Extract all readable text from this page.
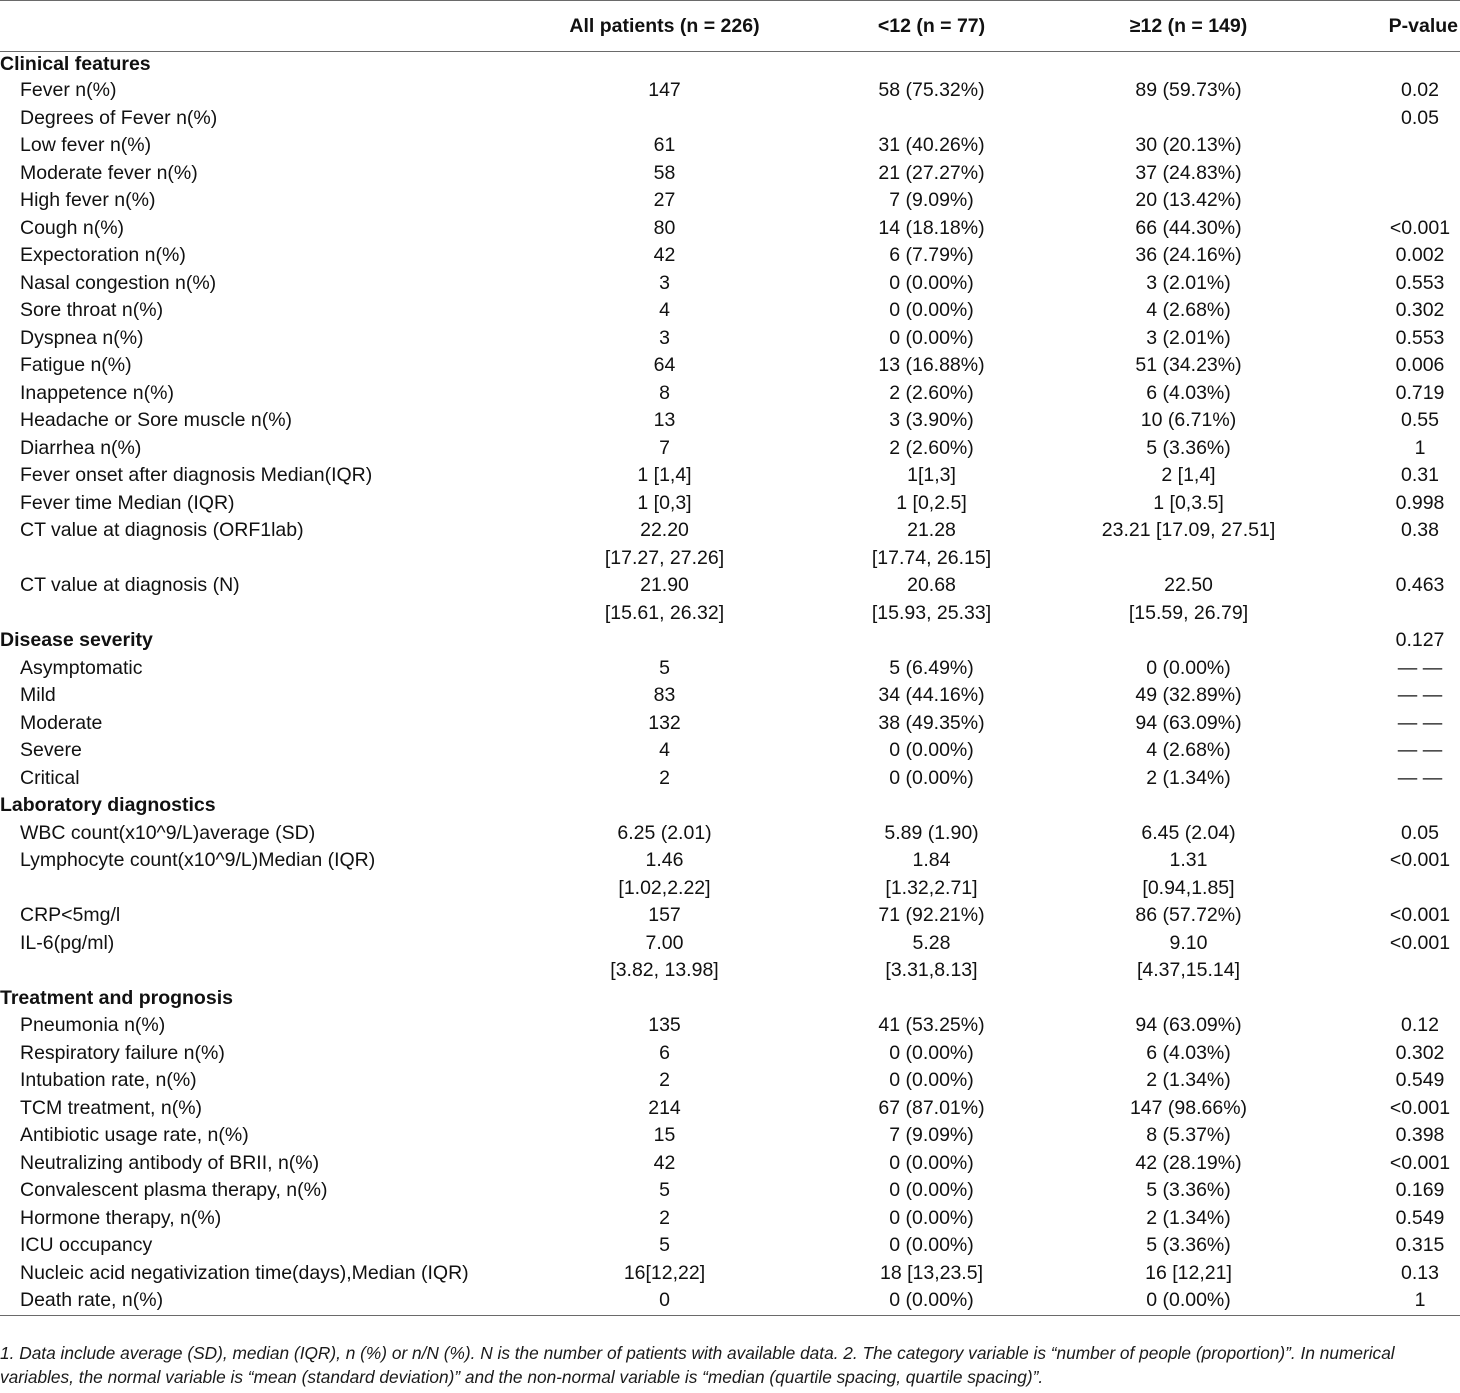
	All patients (n = 226)	<12 (n = 77)	≥12 (n = 149)	P-value
Clinical features				
Fever n(%)	147	58 (75.32%)	89 (59.73%)	0.02
Degrees of Fever n(%)				0.05
Low fever n(%)	61	31 (40.26%)	30 (20.13%)	
Moderate fever n(%)	58	21 (27.27%)	37 (24.83%)	
High fever n(%)	27	7 (9.09%)	20 (13.42%)	
Cough n(%)	80	14 (18.18%)	66 (44.30%)	<0.001
Expectoration n(%)	42	6 (7.79%)	36 (24.16%)	0.002
Nasal congestion n(%)	3	0 (0.00%)	3 (2.01%)	0.553
Sore throat n(%)	4	0 (0.00%)	4 (2.68%)	0.302
Dyspnea n(%)	3	0 (0.00%)	3 (2.01%)	0.553
Fatigue n(%)	64	13 (16.88%)	51 (34.23%)	0.006
Inappetence n(%)	8	2 (2.60%)	6 (4.03%)	0.719
Headache or Sore muscle n(%)	13	3 (3.90%)	10 (6.71%)	0.55
Diarrhea n(%)	7	2 (2.60%)	5 (3.36%)	1
Fever onset after diagnosis Median(IQR)	1 [1,4]	1[1,3]	2 [1,4]	0.31
Fever time Median (IQR)	1 [0,3]	1 [0,2.5]	1 [0,3.5]	0.998
CT value at diagnosis (ORF1lab)	22.20	21.28	23.21 [17.09, 27.51]	0.38
	[17.27, 27.26]	[17.74, 26.15]		
CT value at diagnosis (N)	21.90	20.68	22.50	0.463
	[15.61, 26.32]	[15.93, 25.33]	[15.59, 26.79]	
Disease severity				0.127
Asymptomatic	5	5 (6.49%)	0 (0.00%)	— —
Mild	83	34 (44.16%)	49 (32.89%)	— —
Moderate	132	38 (49.35%)	94 (63.09%)	— —
Severe	4	0 (0.00%)	4 (2.68%)	— —
Critical	2	0 (0.00%)	2 (1.34%)	— —
Laboratory diagnostics				
WBC count(x10^9/L)average (SD)	6.25 (2.01)	5.89 (1.90)	6.45 (2.04)	0.05
Lymphocyte count(x10^9/L)Median (IQR)	1.46	1.84	1.31	<0.001
	[1.02,2.22]	[1.32,2.71]	[0.94,1.85]	
CRP<5mg/l	157	71 (92.21%)	86 (57.72%)	<0.001
IL-6(pg/ml)	7.00	5.28	9.10	<0.001
	[3.82, 13.98]	[3.31,8.13]	[4.37,15.14]	
Treatment and prognosis				
Pneumonia n(%)	135	41 (53.25%)	94 (63.09%)	0.12
Respiratory failure n(%)	6	0 (0.00%)	6 (4.03%)	0.302
Intubation rate, n(%)	2	0 (0.00%)	2 (1.34%)	0.549
TCM treatment, n(%)	214	67 (87.01%)	147 (98.66%)	<0.001
Antibiotic usage rate, n(%)	15	7 (9.09%)	8 (5.37%)	0.398
Neutralizing antibody of BRII, n(%)	42	0 (0.00%)	42 (28.19%)	<0.001
Convalescent plasma therapy, n(%)	5	0 (0.00%)	5 (3.36%)	0.169
Hormone therapy, n(%)	2	0 (0.00%)	2 (1.34%)	0.549
ICU occupancy	5	0 (0.00%)	5 (3.36%)	0.315
Nucleic acid negativization time(days),Median (IQR)	16[12,22]	18 [13,23.5]	16 [12,21]	0.13
Death rate, n(%)	0	0 (0.00%)	0 (0.00%)	1
1. Data include average (SD), median (IQR), n (%) or n/N (%). N is the number of patients with available data. 2. The category variable is “number of people (proportion)”. In numerical variables, the normal variable is “mean (standard deviation)” and the non-normal variable is “median (quartile spacing, quartile spacing)”.
